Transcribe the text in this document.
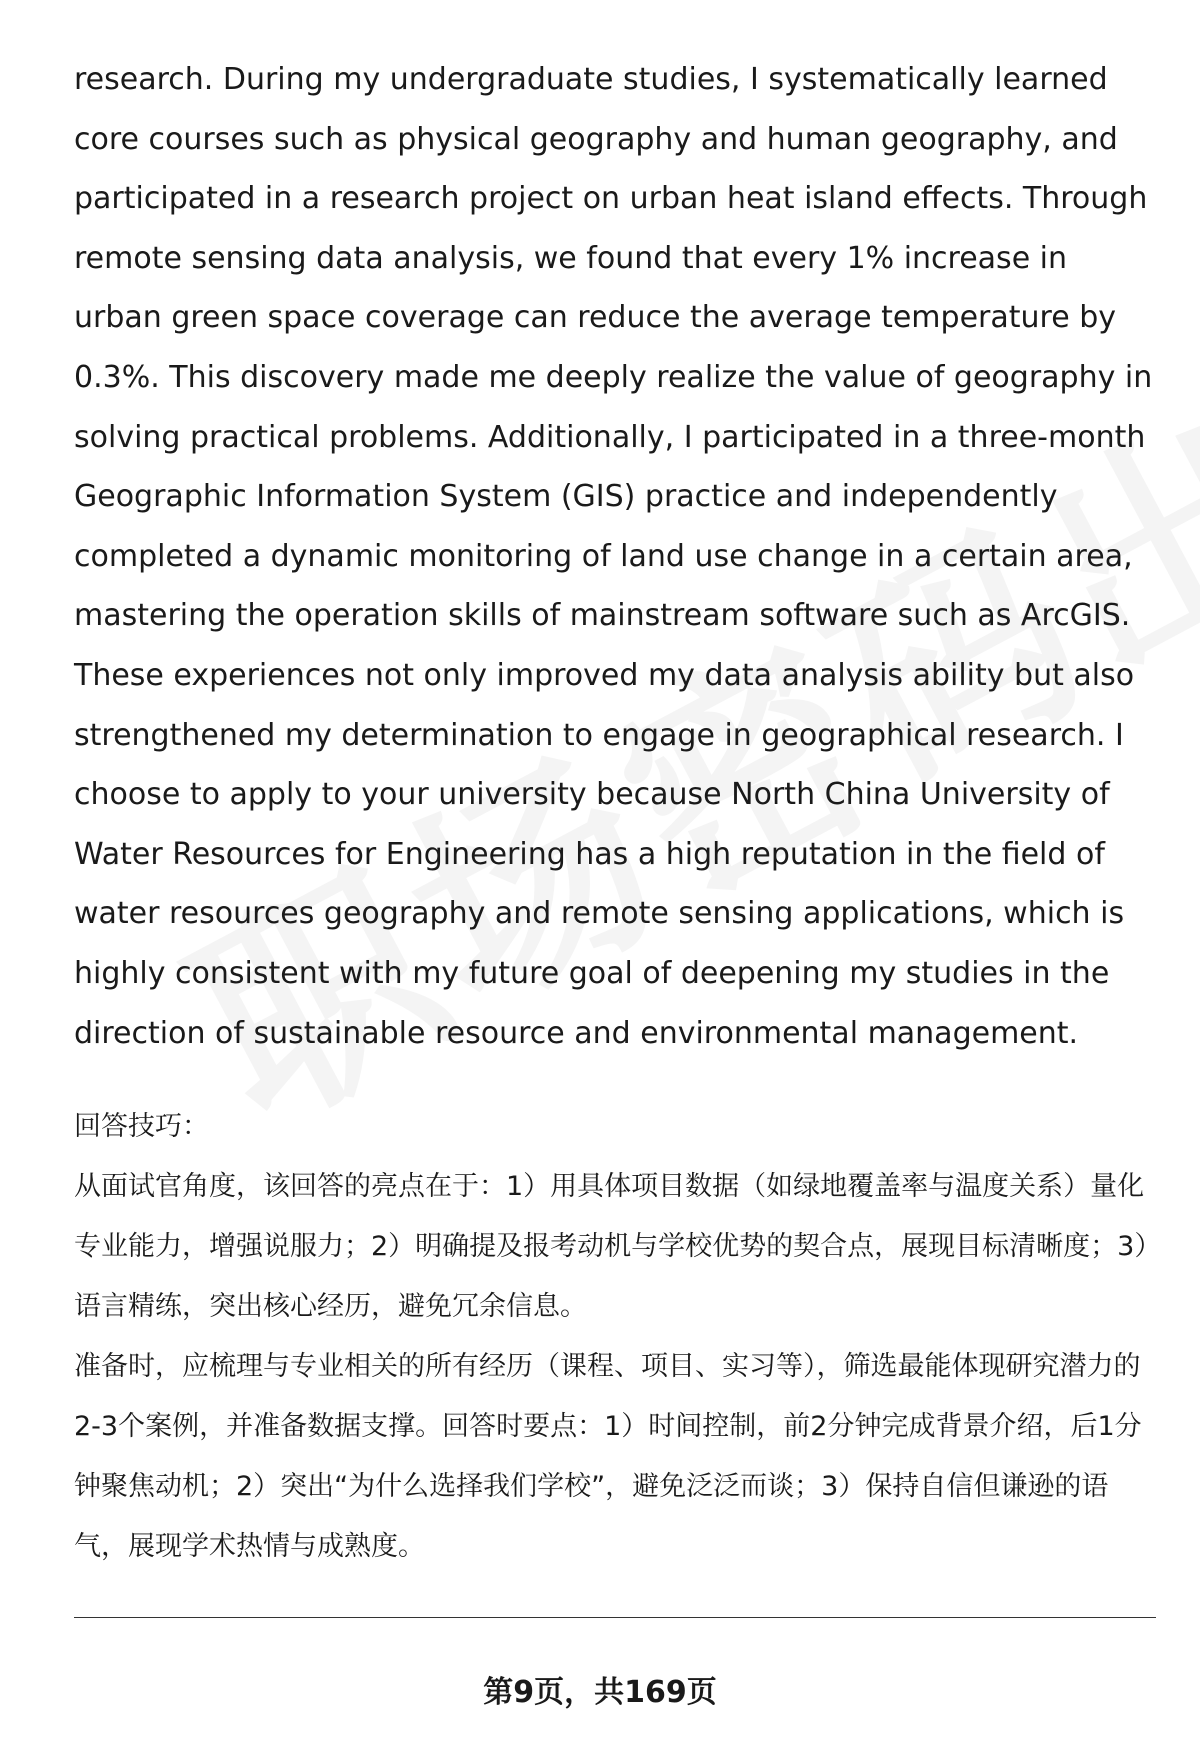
research. During my undergraduate studies, I systematically learned core courses such as physical geography and human geography, and participated in a research project on urban heat island effects. Through remote sensing data analysis, we found that every 1% increase in urban green space coverage can reduce the average temperature by 0.3%. This discovery made me deeply realize the value of geography in solving practical problems. Additionally, I participated in a three-month Geographic Information System (GIS) practice and independently completed a dynamic monitoring of land use change in a certain area, mastering the operation skills of mainstream software such as ArcGIS. These experiences not only improved my data analysis ability but also strengthened my determination to engage in geographical research. I choose to apply to your university because North China University of Water Resources for Engineering has a high reputation in the field of water resources geography and remote sensing applications, which is highly consistent with my future goal of deepening my studies in the direction of sustainable resource and environmental management.

回答技巧：

从面试官角度，该回答的亮点在于：1）用具体项目数据（如绿地覆盖率与温度关系）量化专业能力，增强说服力；2）明确提及报考动机与学校优势的契合点，展现目标清晰度；3）语言精练，突出核心经历，避免冗余信息。

准备时，应梳理与专业相关的所有经历（课程、项目、实习等），筛选最能体现研究潜力的2-3个案例，并准备数据支撑。回答时要点：1）时间控制，前2分钟完成背景介绍，后1分钟聚焦动机；2）突出“为什么选择我们学校”，避免泛泛而谈；3）保持自信但谦逊的语气，展现学术热情与成熟度。

第9页，共169页
